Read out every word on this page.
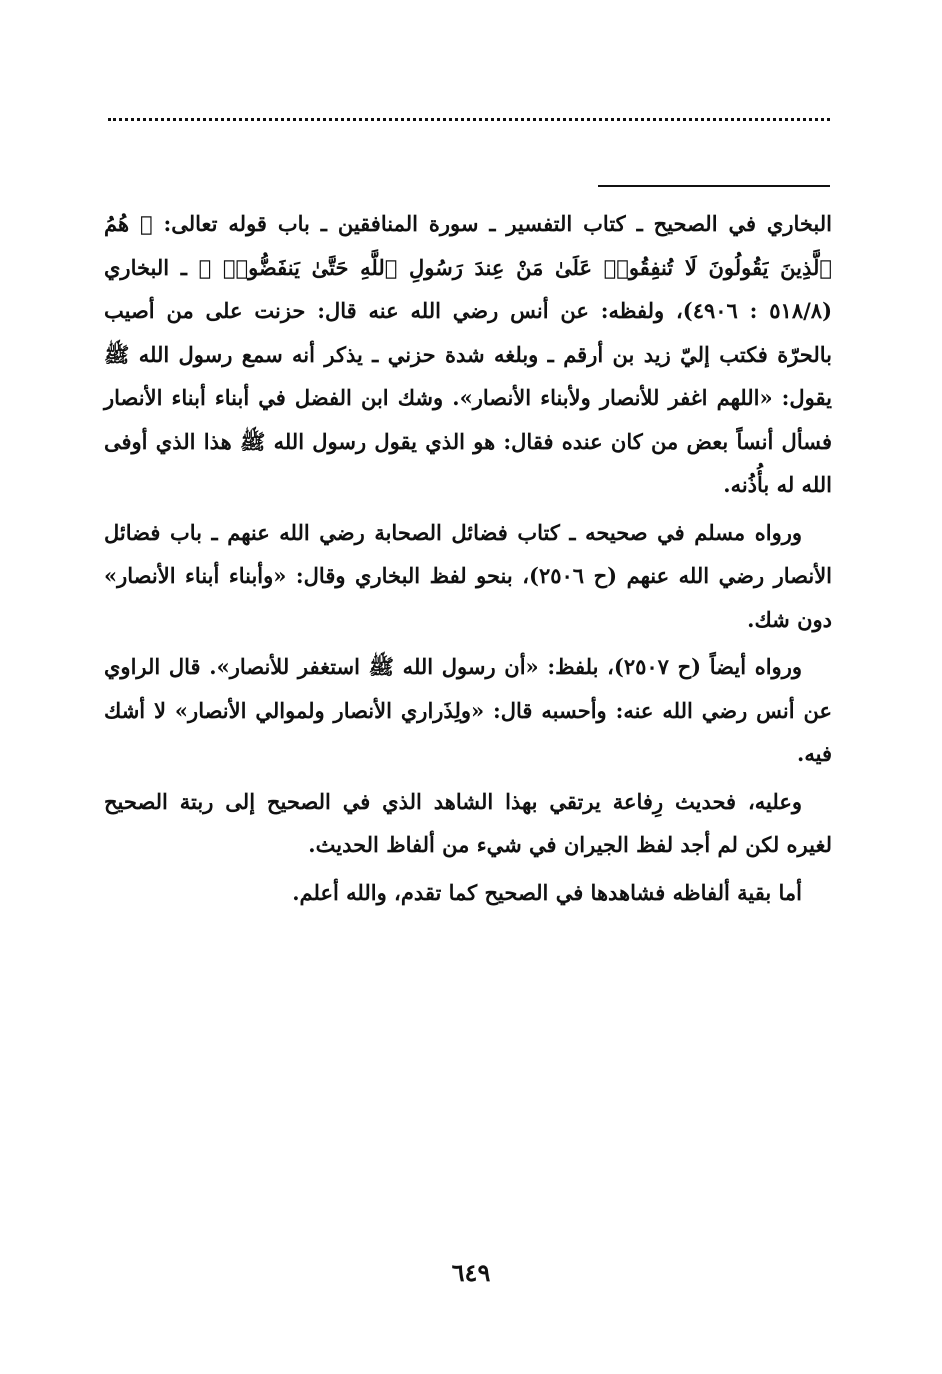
البخاري في الصحيح ـ كتاب التفسير ـ سورة المنافقين ـ باب قوله تعالى: ﴿ هُمُ ٱلَّذِينَ يَقُولُونَ لَا تُنفِقُوا۟ عَلَىٰ مَنْ عِندَ رَسُولِ ٱللَّهِ حَتَّىٰ يَنفَضُّوا۟ ﴾ ـ البخاري (٥١٨/٨ : ٤٩٠٦)، ولفظه: عن أنس رضي الله عنه قال: حزنت على من أصيب بالحرّة فكتب إليّ زيد بن أرقم ـ وبلغه شدة حزني ـ يذكر أنه سمع رسول الله ﷺ يقول: «اللهم اغفر للأنصار ولأبناء الأنصار». وشك ابن الفضل في أبناء أبناء الأنصار فسأل أنساً بعض من كان عنده فقال: هو الذي يقول رسول الله ﷺ هذا الذي أوفى الله له بأُذُنه.

ورواه مسلم في صحيحه ـ كتاب فضائل الصحابة رضي الله عنهم ـ باب فضائل الأنصار رضي الله عنهم (ح ٢٥٠٦)، بنحو لفظ البخاري وقال: «وأبناء أبناء الأنصار» دون شك.

ورواه أيضاً (ح ٢٥٠٧)، بلفظ: «أن رسول الله ﷺ استغفر للأنصار». قال الراوي عن أنس رضي الله عنه: وأحسبه قال: «ولِذَراري الأنصار ولموالي الأنصار» لا أشك فيه.

وعليه، فحديث رِفاعة يرتقي بهذا الشاهد الذي في الصحيح إلى ربتة الصحيح لغيره لكن لم أجد لفظ الجيران في شيء من ألفاظ الحديث.

أما بقية ألفاظه فشاهدها في الصحيح كما تقدم، والله أعلم.

٦٤٩
